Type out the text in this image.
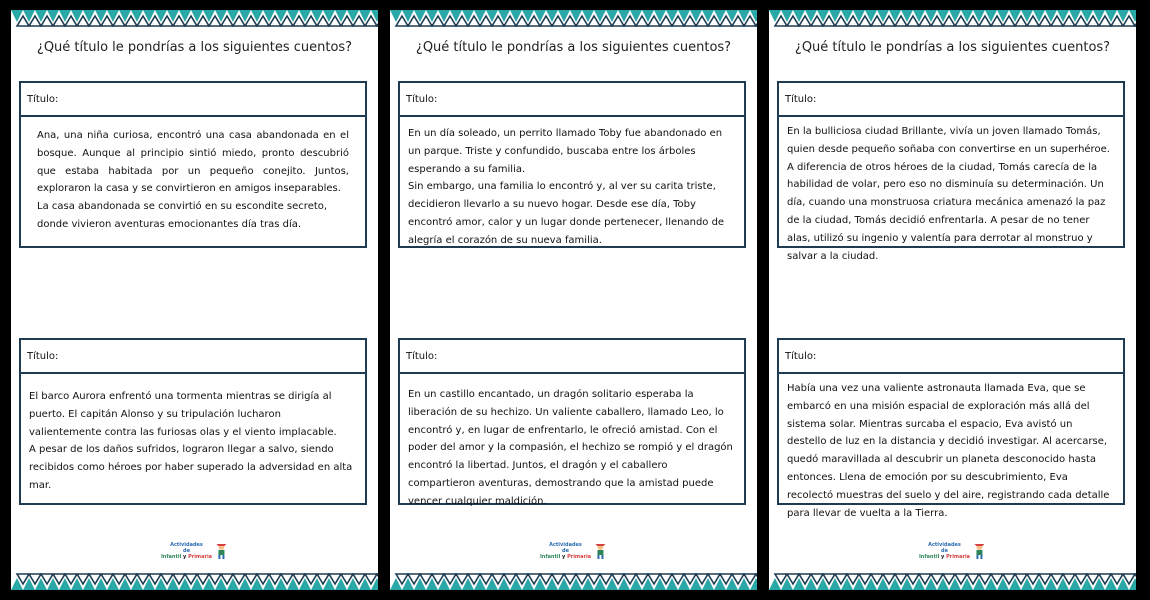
¿Qué título le pondrías a los siguientes cuentos?
Título:

Ana, una niña curiosa, encontró una casa abandonada en el bosque. Aunque al principio sintió miedo, pronto descubrió que estaba habitada por un pequeño conejito. Juntos, exploraron la casa y se convirtieron en amigos inseparables.

La casa abandonada se convirtió en su escondite secreto, donde vivieron aventuras emocionantes día tras día.

Título:

El barco Aurora enfrentó una tormenta mientras se dirigía al puerto. El capitán Alonso y su tripulación lucharon valientemente contra las furiosas olas y el viento implacable.

A pesar de los daños sufridos, lograron llegar a salvo, siendo recibidos como héroes por haber superado la adversidad en alta mar.

Actividades
de
Infantil y Primaria
¿Qué título le pondrías a los siguientes cuentos?
Título:

En un día soleado, un perrito llamado Toby fue abandonado en un parque. Triste y confundido, buscaba entre los árboles esperando a su familia.

Sin embargo, una familia lo encontró y, al ver su carita triste, decidieron llevarlo a su nuevo hogar. Desde ese día, Toby encontró amor, calor y un lugar donde pertenecer, llenando de alegría el corazón de su nueva familia.

Título:

En un castillo encantado, un dragón solitario esperaba la liberación de su hechizo. Un valiente caballero, llamado Leo, lo encontró y, en lugar de enfrentarlo, le ofreció amistad. Con el poder del amor y la compasión, el hechizo se rompió y el dragón encontró la libertad. Juntos, el dragón y el caballero compartieron aventuras, demostrando que la amistad puede vencer cualquier maldición.

Actividades
de
Infantil y Primaria
¿Qué título le pondrías a los siguientes cuentos?
Título:

En la bulliciosa ciudad Brillante, vivía un joven llamado Tomás, quien desde pequeño soñaba con convertirse en un superhéroe. A diferencia de otros héroes de la ciudad, Tomás carecía de la habilidad de volar, pero eso no disminuía su determinación. Un día, cuando una monstruosa criatura mecánica amenazó la paz de la ciudad, Tomás decidió enfrentarla. A pesar de no tener alas, utilizó su ingenio y valentía para derrotar al monstruo y salvar a la ciudad.

Título:

Había una vez una valiente astronauta llamada Eva, que se embarcó en una misión espacial de exploración más allá del sistema solar. Mientras surcaba el espacio, Eva avistó un destello de luz en la distancia y decidió investigar. Al acercarse, quedó maravillada al descubrir un planeta desconocido hasta entonces. Llena de emoción por su descubrimiento, Eva recolectó muestras del suelo y del aire, registrando cada detalle para llevar de vuelta a la Tierra.

Actividades
de
Infantil y Primaria
